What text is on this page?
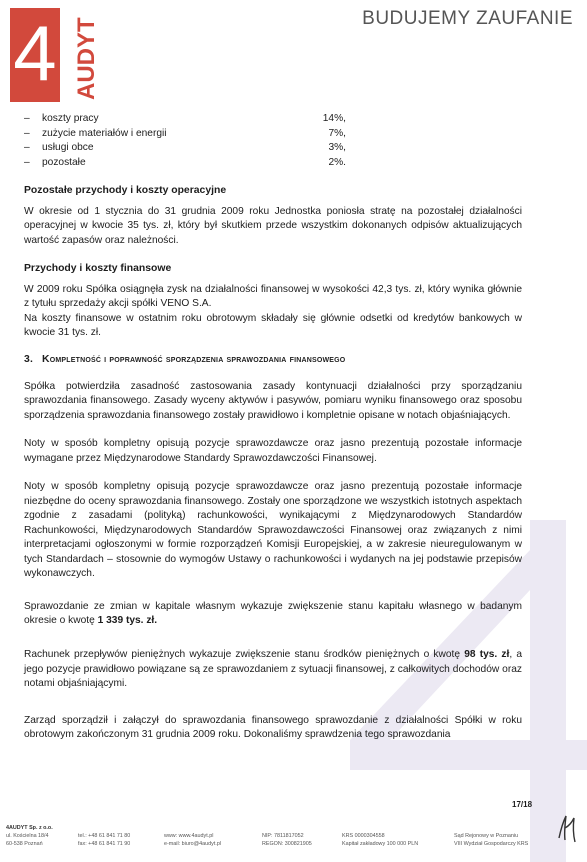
4 AUDYT	BUDUJEMY ZAUFANIE
–	koszty pracy	14%,
–	zużycie materiałów i energii	7%,
–	usługi obce	3%,
–	pozostałe	2%.
Pozostałe przychody i koszty operacyjne

W okresie od 1 stycznia do 31 grudnia 2009 roku Jednostka poniosła stratę na pozostałej działalności operacyjnej w kwocie 35 tys. zł, który był skutkiem przede wszystkim dokonanych odpisów aktualizujących wartość zapasów oraz należności.

Przychody i koszty finansowe

W 2009 roku Spółka osiągnęła zysk na działalności finansowej w wysokości 42,3 tys. zł, który wynika głównie z tytułu sprzedaży akcji spółki VENO S.A.

Na koszty finansowe w ostatnim roku obrotowym składały się głównie odsetki od kredytów bankowych w kwocie 31 tys. zł.

3. Kompletność i poprawność sporządzenia sprawozdania finansowego

Spółka potwierdziła zasadność zastosowania zasady kontynuacji działalności przy sporządzaniu sprawozdania finansowego. Zasady wyceny aktywów i pasywów, pomiaru wyniku finansowego oraz sposobu sporządzenia sprawozdania finansowego zostały prawidłowo i kompletnie opisane w notach objaśniających.

Noty w sposób kompletny opisują pozycje sprawozdawcze oraz jasno prezentują pozostałe informacje wymagane przez Międzynarodowe Standardy Sprawozdawczości Finansowej.

Noty w sposób kompletny opisują pozycje sprawozdawcze oraz jasno prezentują pozostałe informacje niezbędne do oceny sprawozdania finansowego. Zostały one sporządzone we wszystkich istotnych aspektach zgodnie z zasadami (polityką) rachunkowości, wynikającymi z Międzynarodowych Standardów Rachunkowości, Międzynarodowych Standardów Sprawozdawczości Finansowej oraz związanych z nimi interpretacjami ogłoszonymi w formie rozporządzeń Komisji Europejskiej, a w zakresie nieuregulowanym w tych Standardach – stosownie do wymogów Ustawy o rachunkowości i wydanych na jej podstawie przepisów wykonawczych.

Sprawozdanie ze zmian w kapitale własnym wykazuje zwiększenie stanu kapitału własnego w badanym okresie o kwotę 1 339 tys. zł.

Rachunek przepływów pieniężnych wykazuje zwiększenie stanu środków pieniężnych o kwotę 98 tys. zł, a jego pozycje prawidłowo powiązane są ze sprawozdaniem z sytuacji finansowej, z całkowitych dochodów oraz notami objaśniającymi.

Zarząd sporządził i załączył do sprawozdania finansowego sprawozdanie z działalności Spółki w roku obrotowym zakończonym 31 grudnia 2009 roku. Dokonaliśmy sprawdzenia tego sprawozdania

17/18
4AUDYT Sp. z o.o.
ul. Kościelna 18/4
60-538 Poznań
tel.: +48 61 841 71 80
fax: +48 61 841 71 90
www: www.4audyt.pl
e-mail: biuro@4audyt.pl
NIP: 7811817052
REGON: 300821905
KRS 0000304558
Kapitał zakładowy 100 000 PLN
Sąd Rejonowy w Poznaniu
VIII Wydział Gospodarczy KRS
